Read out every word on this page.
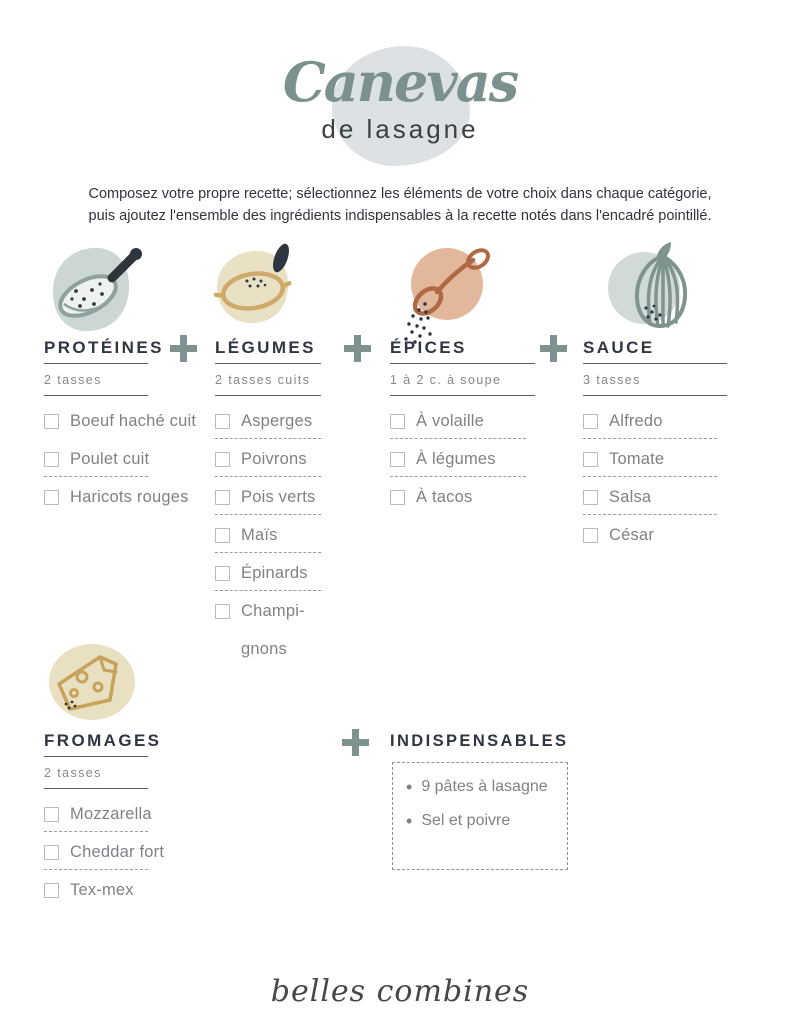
Canevas
de lasagne
Composez votre propre recette; sélectionnez les éléments de votre choix dans chaque catégorie,
puis ajoutez l'ensemble des ingrédients indispensables à la recette notés dans l'encadré pointillé.
INDISPENSABLES
• 9 pâtes à lasagne
• Sel et poivre
belles combines
PROTÉINES
2 tasses
Boeuf haché cuit
Poulet cuit
Haricots rouges
LÉGUMES
2 tasses cuits
Asperges
Poivrons
Pois verts
Maïs
Épinards
Champi-
gnons
ÉPICES
1 à 2 c. à soupe
À volaille
À légumes
À tacos
SAUCE
3 tasses
Alfredo
Tomate
Salsa
César
FROMAGES
2 tasses
Mozzarella
Cheddar fort
Tex-mex
